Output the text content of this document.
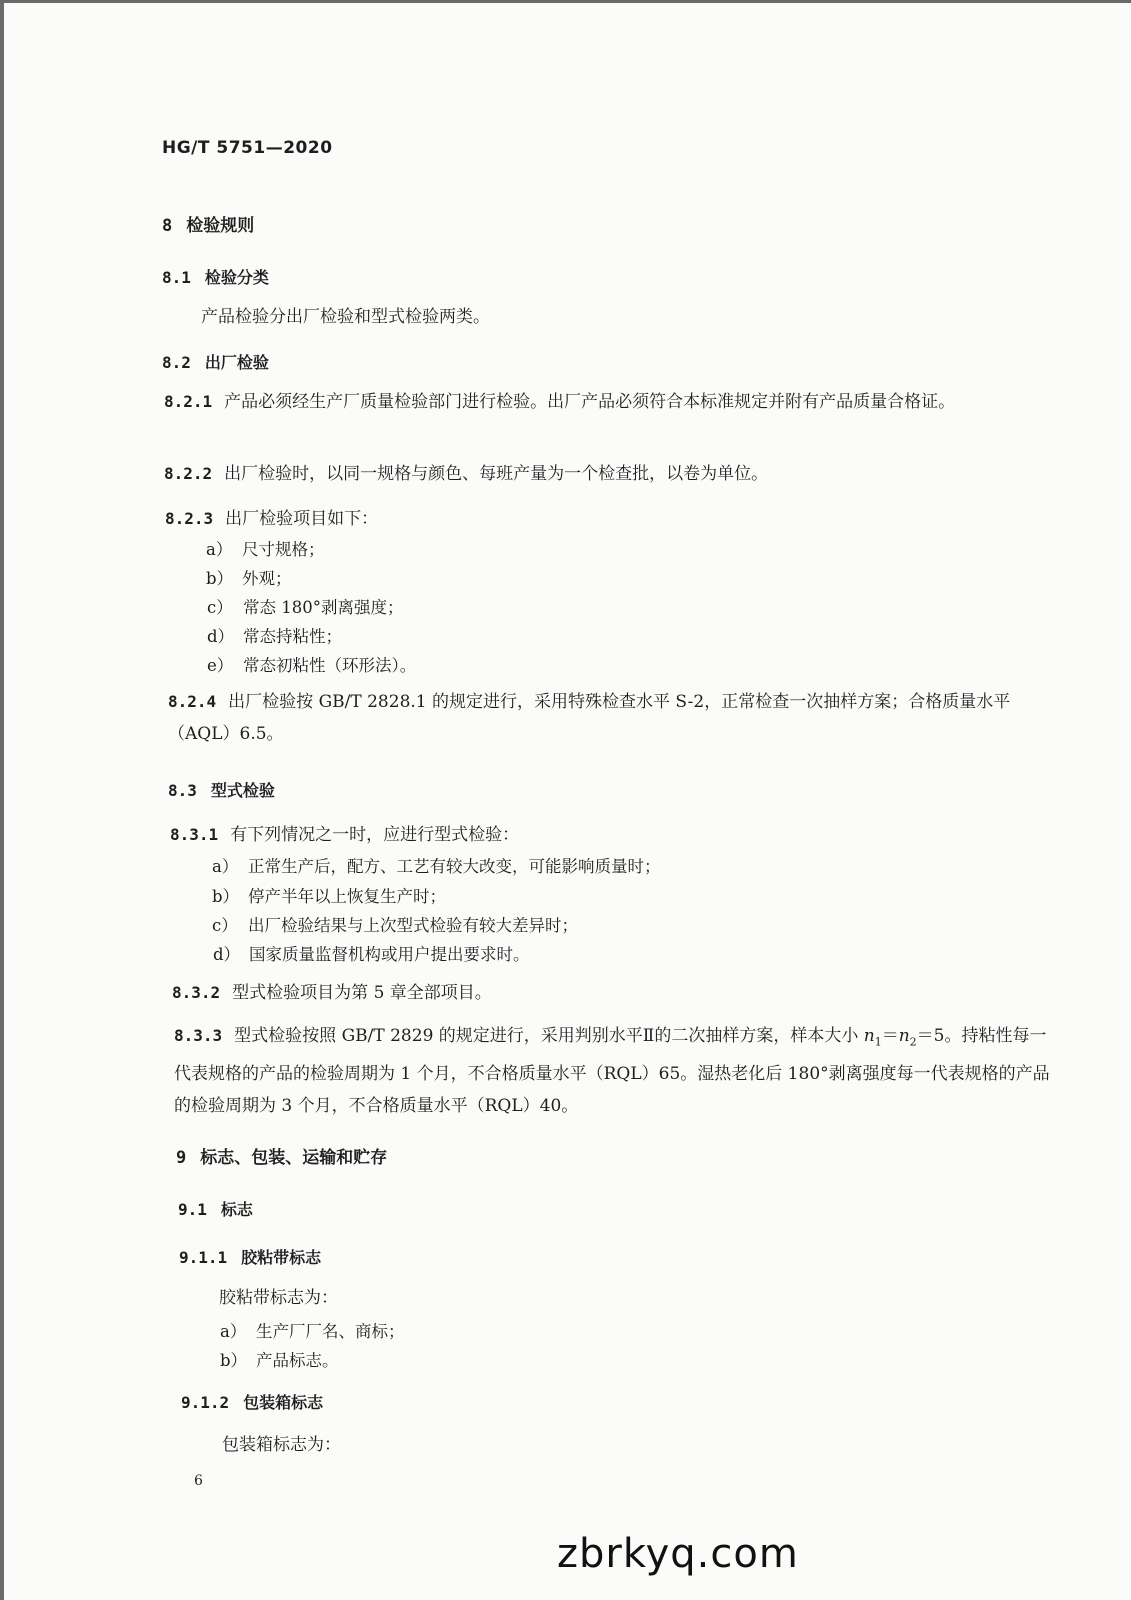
HG/T 5751—2020
8 检验规则
8.1 检验分类
产品检验分出厂检验和型式检验两类。
8.2 出厂检验
8.2.1 产品必须经生产厂质量检验部门进行检验。出厂产品必须符合本标准规定并附有产品质量合格证。
8.2.2 出厂检验时，以同一规格与颜色、每班产量为一个检查批，以卷为单位。
8.2.3 出厂检验项目如下：
a） 尺寸规格；
b） 外观；
c） 常态 180°剥离强度；
d） 常态持粘性；
e） 常态初粘性（环形法）。
8.2.4 出厂检验按 GB/T 2828.1 的规定进行，采用特殊检查水平 S-2，正常检查一次抽样方案；合格质量水平（AQL）6.5。
8.3 型式检验
8.3.1 有下列情况之一时，应进行型式检验：
a） 正常生产后，配方、工艺有较大改变，可能影响质量时；
b） 停产半年以上恢复生产时；
c） 出厂检验结果与上次型式检验有较大差异时；
d） 国家质量监督机构或用户提出要求时。
8.3.2 型式检验项目为第 5 章全部项目。
8.3.3 型式检验按照 GB/T 2829 的规定进行，采用判别水平Ⅱ的二次抽样方案，样本大小 $n_1=n_2=5$。持粘性每一代表规格的产品的检验周期为 1 个月，不合格质量水平（RQL）65。湿热老化后 180°剥离强度每一代表规格的产品的检验周期为 3 个月，不合格质量水平（RQL）40。
9 标志、包装、运输和贮存
9.1 标志
9.1.1 胶粘带标志
胶粘带标志为：
a） 生产厂厂名、商标；
b） 产品标志。
9.1.2 包装箱标志
包装箱标志为：
6
zbrkyq.com
